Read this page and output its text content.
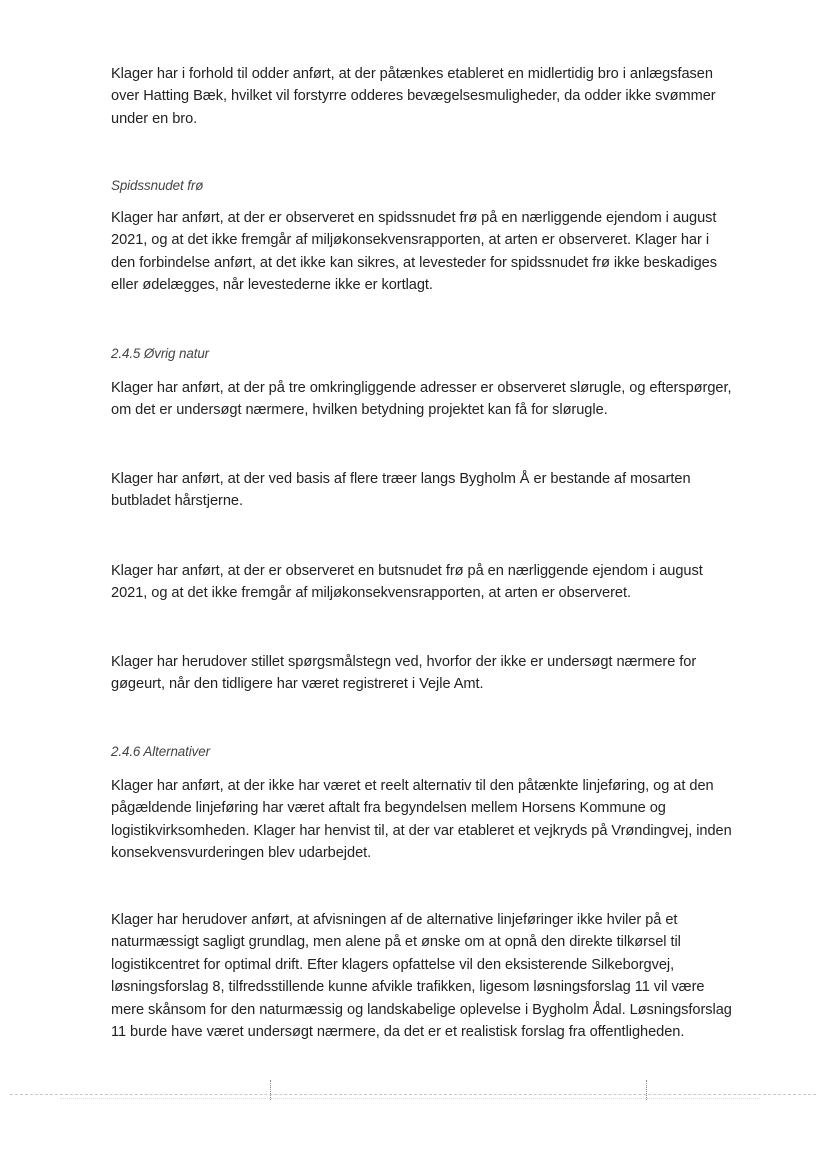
Klager har i forhold til odder anført, at der påtænkes etableret en midlertidig bro i anlægsfasen over Hatting Bæk, hvilket vil forstyrre odderes bevægelsesmuligheder, da odder ikke svømmer under en bro.

Spidssnudet frø

Klager har anført, at der er observeret en spidssnudet frø på en nærliggende ejendom i august 2021, og at det ikke fremgår af miljøkonsekvensrapporten, at arten er observeret. Klager har i den forbindelse anført, at det ikke kan sikres, at levesteder for spidssnudet frø ikke beskadiges eller ødelægges, når levestederne ikke er kortlagt.

2.4.5 Øvrig natur

Klager har anført, at der på tre omkringliggende adresser er observeret slørugle, og efterspørger, om det er undersøgt nærmere, hvilken betydning projektet kan få for slørugle.

Klager har anført, at der ved basis af flere træer langs Bygholm Å er bestande af mosarten butbladet hårstjerne.

Klager har anført, at der er observeret en butsnudet frø på en nærliggende ejendom i august 2021, og at det ikke fremgår af miljøkonsekvensrapporten, at arten er observeret.

Klager har herudover stillet spørgsmålstegn ved, hvorfor der ikke er undersøgt nærmere for gøgeurt, når den tidligere har været registreret i Vejle Amt.

2.4.6 Alternativer

Klager har anført, at der ikke har været et reelt alternativ til den påtænkte linjeføring, og at den pågældende linjeføring har været aftalt fra begyndelsen mellem Horsens Kommune og logistikvirksomheden. Klager har henvist til, at der var etableret et vejkryds på Vrøndingvej, inden konsekvensvurderingen blev udarbejdet.

Klager har herudover anført, at afvisningen af de alternative linjeføringer ikke hviler på et naturmæssigt sagligt grundlag, men alene på et ønske om at opnå den direkte tilkørsel til logistikcentret for optimal drift. Efter klagers opfattelse vil den eksisterende Silkeborgvej, løsningsforslag 8, tilfredsstillende kunne afvikle trafikken, ligesom løsningsforslag 11 vil være mere skånsom for den naturmæssig og landskabelige oplevelse i Bygholm Ådal. Løsningsforslag 11 burde have været undersøgt nærmere, da det er et realistisk forslag fra offentligheden.
